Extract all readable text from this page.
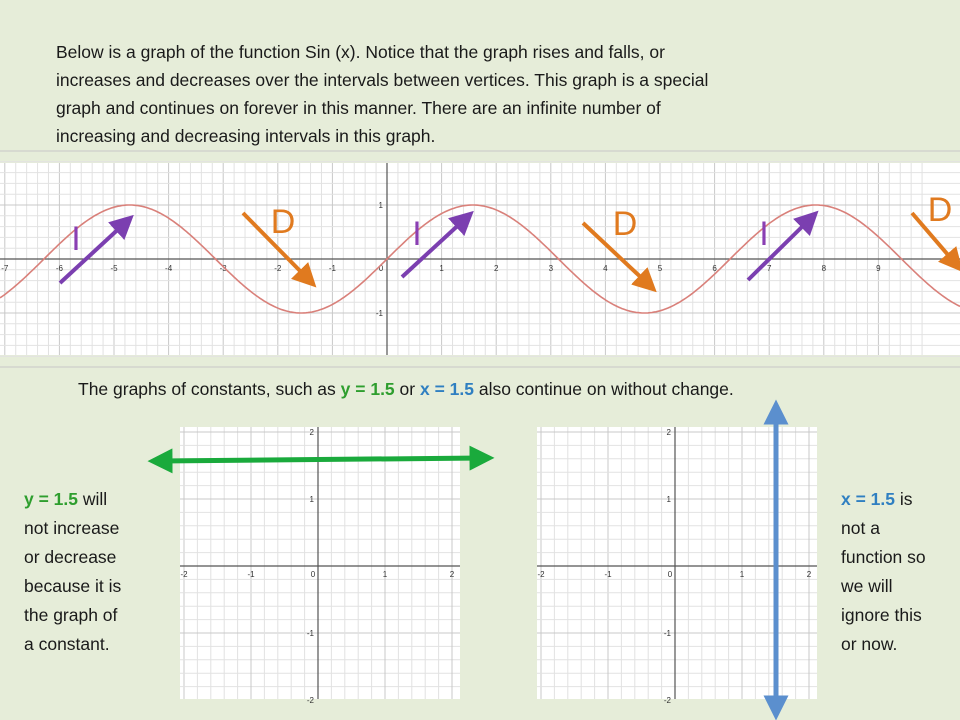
Below is a graph of the function Sin (x). Notice that the graph rises and falls, or
increases and decreases over the intervals between vertices. This graph is a special
graph and continues on forever in this manner. There are an infinite number of
increasing and decreasing intervals in this graph.

-7	-6	-5	-4	-3	-2	-1	0	1	2	3	4	5	6	7	8	9
1
-1
I	D	I	D	I
D

The graphs of constants, such as y = 1.5 or x = 1.5 also continue on without change.

y = 1.5 will
not increase
or decrease
because it is
the graph of
a constant.
x = 1.5 is
not a
function so
we will
ignore this
or now.
-2	-1	0	1	2
2
1
-1
-2
-2	-1	0	1	2
2
1
-1
-2
